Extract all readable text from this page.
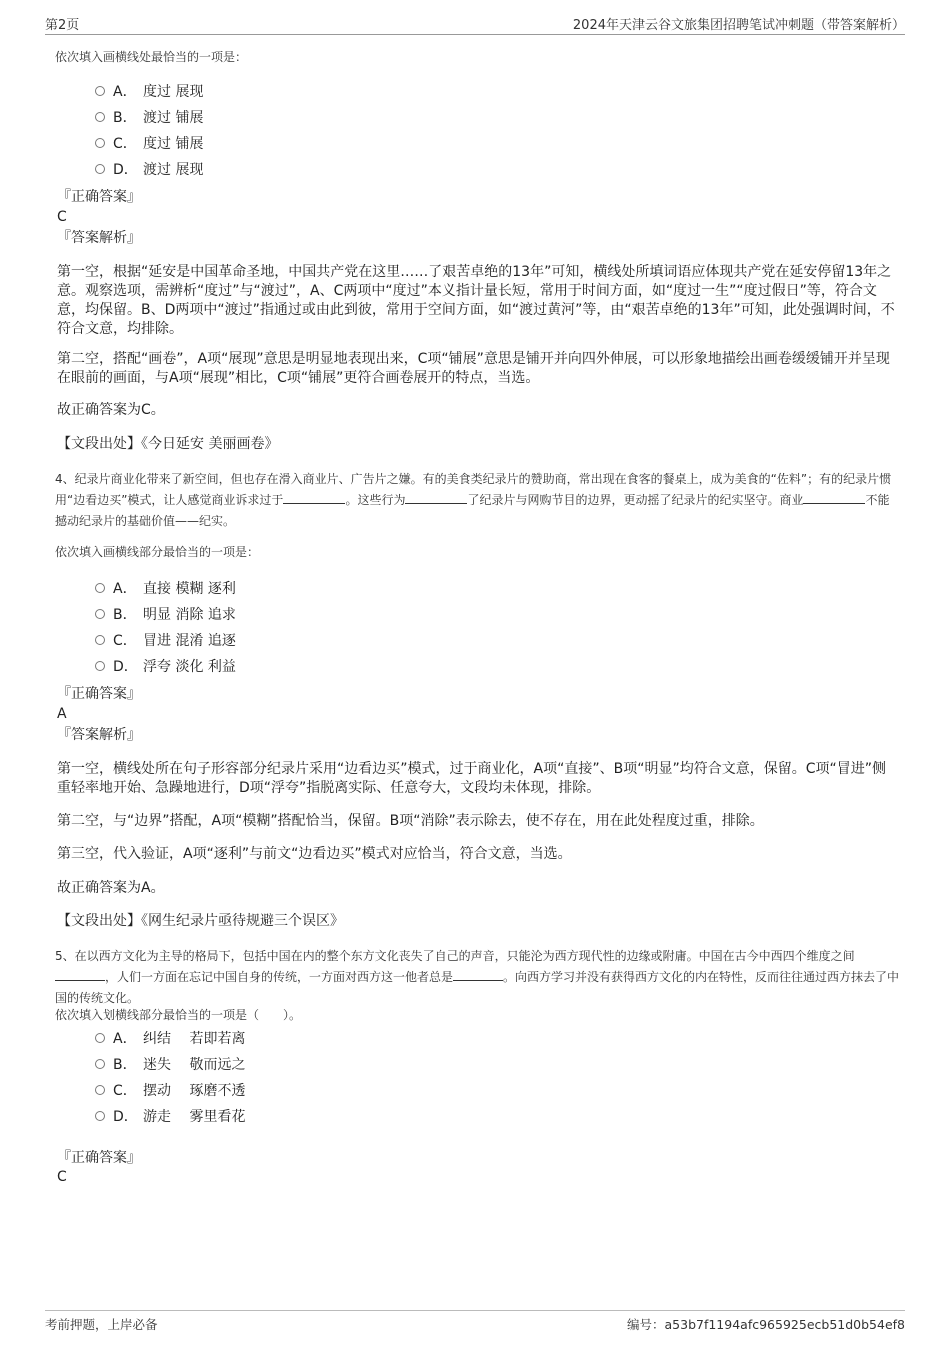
第2页	2024年天津云谷文旅集团招聘笔试冲刺题（带答案解析）
依次填入画横线处最恰当的一项是：
A． 度过 展现
B． 渡过 铺展
C． 度过 铺展
D． 渡过 展现
『正确答案』
C
『答案解析』
第一空，根据“延安是中国革命圣地，中国共产党在这里……了艰苦卓绝的13年”可知，横线处所填词语应体现共产党在延安停留13年之意。观察选项，需辨析“度过”与“渡过”，A、C两项中“度过”本义指计量长短，常用于时间方面，如“度过一生”“度过假日”等，符合文意，均保留。B、D两项中“渡过”指通过或由此到彼，常用于空间方面，如“渡过黄河”等，由“艰苦卓绝的13年”可知，此处强调时间，不符合文意，均排除。
第二空，搭配“画卷”，A项“展现”意思是明显地表现出来，C项“铺展”意思是铺开并向四外伸展，可以形象地描绘出画卷缓缓铺开并呈现在眼前的画面，与A项“展现”相比，C项“铺展”更符合画卷展开的特点，当选。
故正确答案为C。
【文段出处】《今日延安 美丽画卷》
4、纪录片商业化带来了新空间，但也存在滑入商业片、广告片之嫌。有的美食类纪录片的赞助商，常出现在食客的餐桌上，成为美食的“佐料”；有的纪录片惯用“边看边买”模式，让人感觉商业诉求过于	。这些行为	了纪录片与网购节目的边界，更动摇了纪录片的纪实坚守。商业	不能撼动纪录片的基础价值——纪实。
依次填入画横线部分最恰当的一项是：
A． 直接 模糊 逐利
B． 明显 消除 追求
C． 冒进 混淆 追逐
D． 浮夸 淡化 利益
『正确答案』
A
『答案解析』
第一空，横线处所在句子形容部分纪录片采用“边看边买”模式，过于商业化，A项“直接”、B项“明显”均符合文意，保留。C项“冒进”侧重轻率地开始、急躁地进行，D项“浮夸”指脱离实际、任意夸大，文段均未体现，排除。
第二空，与“边界”搭配，A项“模糊”搭配恰当，保留。B项“消除”表示除去，使不存在，用在此处程度过重，排除。
第三空，代入验证，A项“逐利”与前文“边看边买”模式对应恰当，符合文意，当选。
故正确答案为A。
【文段出处】《网生纪录片亟待规避三个误区》
5、在以西方文化为主导的格局下，包括中国在内的整个东方文化丧失了自己的声音，只能沦为西方现代性的边缘或附庸。中国在古今中西四个维度之间，人们一方面在忘记中国自身的传统，一方面对西方这一他者总是	。向西方学习并没有获得西方文化的内在特性，反而往往通过西方抹去了中国的传统文化。
依次填入划横线部分最恰当的一项是（　　）。
A． 纠结　 若即若离
B． 迷失　 敬而远之
C． 摆动　 琢磨不透
D． 游走　 雾里看花
『正确答案』
C
考前押题，上岸必备	编号：a53b7f1194afc965925ecb51d0b54ef8
